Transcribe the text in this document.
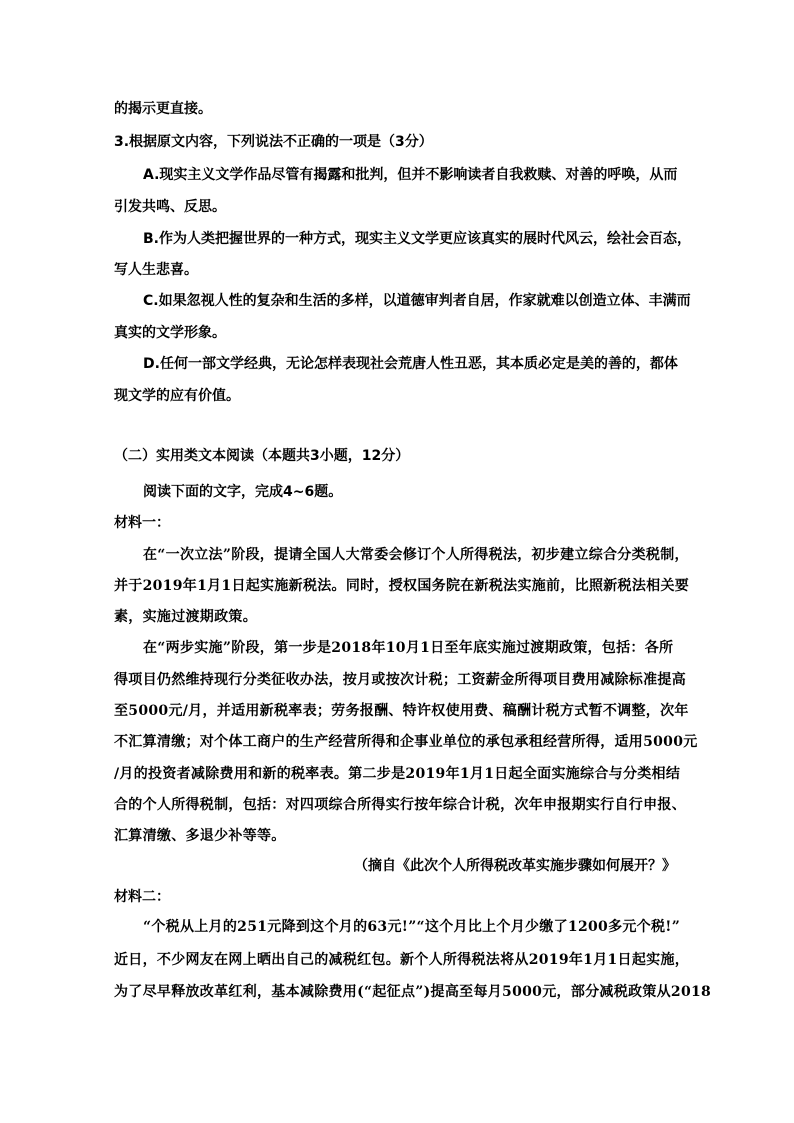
的揭示更直接。
3.根据原文内容，下列说法不正确的一项是（3分）
A.现实主义文学作品尽管有揭露和批判，但并不影响读者自我救赎、对善的呼唤，从而
引发共鸣、反思。
B.作为人类把握世界的一种方式，现实主义文学更应该真实的展时代风云，绘社会百态，
写人生悲喜。
C.如果忽视人性的复杂和生活的多样，以道德审判者自居，作家就难以创造立体、丰满而
真实的文学形象。
D.任何一部文学经典，无论怎样表现社会荒唐人性丑恶，其本质必定是美的善的，都体
现文学的应有价值。
（二）实用类文本阅读（本题共3小题，12分）
阅读下面的文字，完成4~6题。
材料一：
在“一次立法”阶段，提请全国人大常委会修订个人所得税法，初步建立综合分类税制，
并于2019年1月1日起实施新税法。同时，授权国务院在新税法实施前，比照新税法相关要
素，实施过渡期政策。
在“两步实施”阶段，第一步是2018年10月1日至年底实施过渡期政策，包括：各所
得项目仍然维持现行分类征收办法，按月或按次计税；工资薪金所得项目费用减除标准提高
至5000元/月，并适用新税率表；劳务报酬、特许权使用费、稿酬计税方式暂不调整，次年
不汇算清缴；对个体工商户的生产经营所得和企事业单位的承包承租经营所得，适用5000元
/月的投资者减除费用和新的税率表。第二步是2019年1月1日起全面实施综合与分类相结
合的个人所得税制，包括：对四项综合所得实行按年综合计税，次年申报期实行自行申报、
汇算清缴、多退少补等等。
（摘自《此次个人所得税改革实施步骤如何展开？》
材料二：
“个税从上月的251元降到这个月的63元!”“这个月比上个月少缴了1200多元个税!”
近日，不少网友在网上晒出自己的减税红包。新个人所得税法将从2019年1月1日起实施，
为了尽早释放改革红利，基本减除费用(“起征点”)提高至每月5000元，部分减税政策从2018
